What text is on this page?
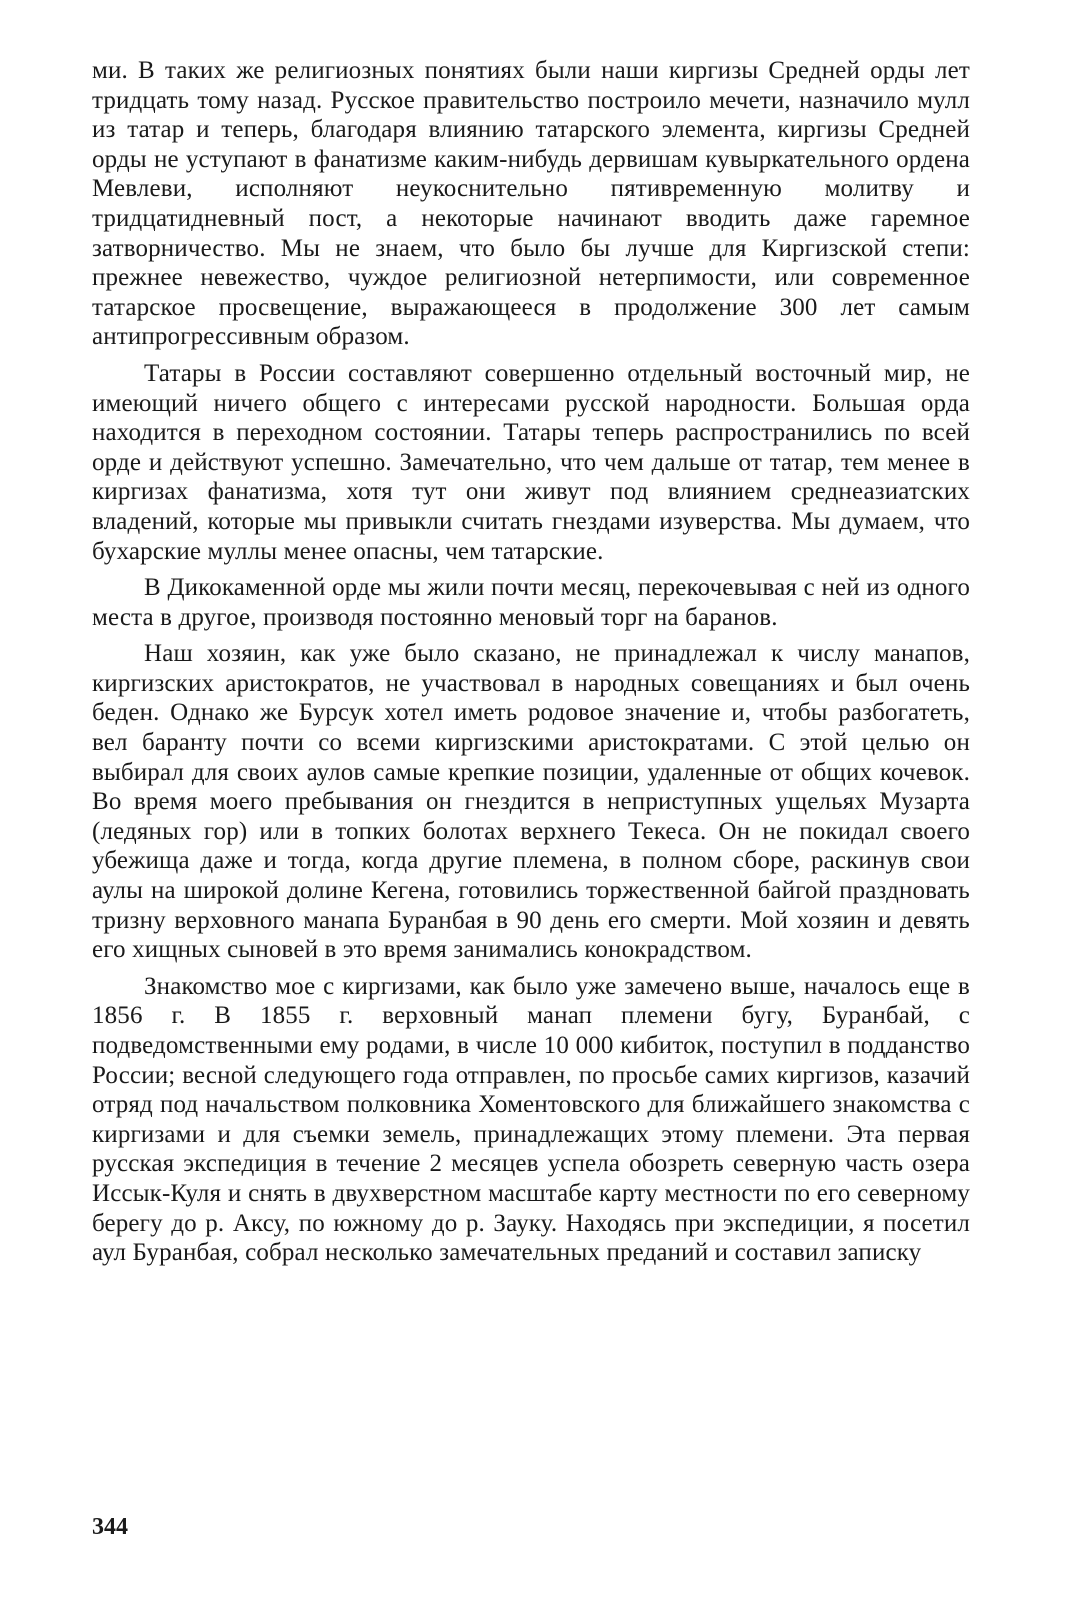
ми. В таких же религиозных понятиях были наши киргизы Средней орды лет тридцать тому назад. Русское правительство построило мечети, назначило мулл из татар и теперь, благодаря влиянию татарского элемента, киргизы Средней орды не уступают в фанатизме каким-нибудь дервишам кувыркательного ордена Мевлеви, исполняют неукоснительно пятивременную молитву и тридцатидневный пост, а некоторые начинают вводить даже гаремное затворничество. Мы не знаем, что было бы лучше для Киргизской степи: прежнее невежество, чуждое религиозной нетерпимости, или современное татарское просвещение, выражающееся в продолжение 300 лет самым антипрогрессивным образом.

Татары в России составляют совершенно отдельный восточный мир, не имеющий ничего общего с интересами русской народности. Большая орда находится в переходном состоянии. Татары теперь распространились по всей орде и действуют успешно. Замечательно, что чем дальше от татар, тем менее в киргизах фанатизма, хотя тут они живут под влиянием среднеазиатских владений, которые мы привыкли считать гнездами изуверства. Мы думаем, что бухарские муллы менее опасны, чем татарские.

В Дикокаменной орде мы жили почти месяц, перекочевывая с ней из одного места в другое, производя постоянно меновый торг на баранов.

Наш хозяин, как уже было сказано, не принадлежал к числу манапов, киргизских аристократов, не участвовал в народных совещаниях и был очень беден. Однако же Бурсук хотел иметь родовое значение и, чтобы разбогатеть, вел баранту почти со всеми киргизскими аристократами. С этой целью он выбирал для своих аулов самые крепкие позиции, удаленные от общих кочевок. Во время моего пребывания он гнездится в неприступных ущельях Музарта (ледяных гор) или в топких болотах верхнего Текеса. Он не покидал своего убежища даже и тогда, когда другие племена, в полном сборе, раскинув свои аулы на широкой долине Кегена, готовились торжественной байгой праздновать тризну верховного манапа Буранбая в 90 день его смерти. Мой хозяин и девять его хищных сыновей в это время занимались конокрадством.

Знакомство мое с киргизами, как было уже замечено выше, началось еще в 1856 г. В 1855 г. верховный манап племени бугу, Буранбай, с подведомственными ему родами, в числе 10 000 кибиток, поступил в подданство России; весной следующего года отправлен, по просьбе самих киргизов, казачий отряд под начальством полковника Хоментовского для ближайшего знакомства с киргизами и для съемки земель, принадлежащих этому племени. Эта первая русская экспедиция в течение 2 месяцев успела обозреть северную часть озера Иссык-Куля и снять в двухверстном масштабе карту местности по его северному берегу до р. Аксу, по южному до р. Зауку. Находясь при экспедиции, я посетил аул Буранбая, собрал несколько замечательных преданий и составил записку

344
